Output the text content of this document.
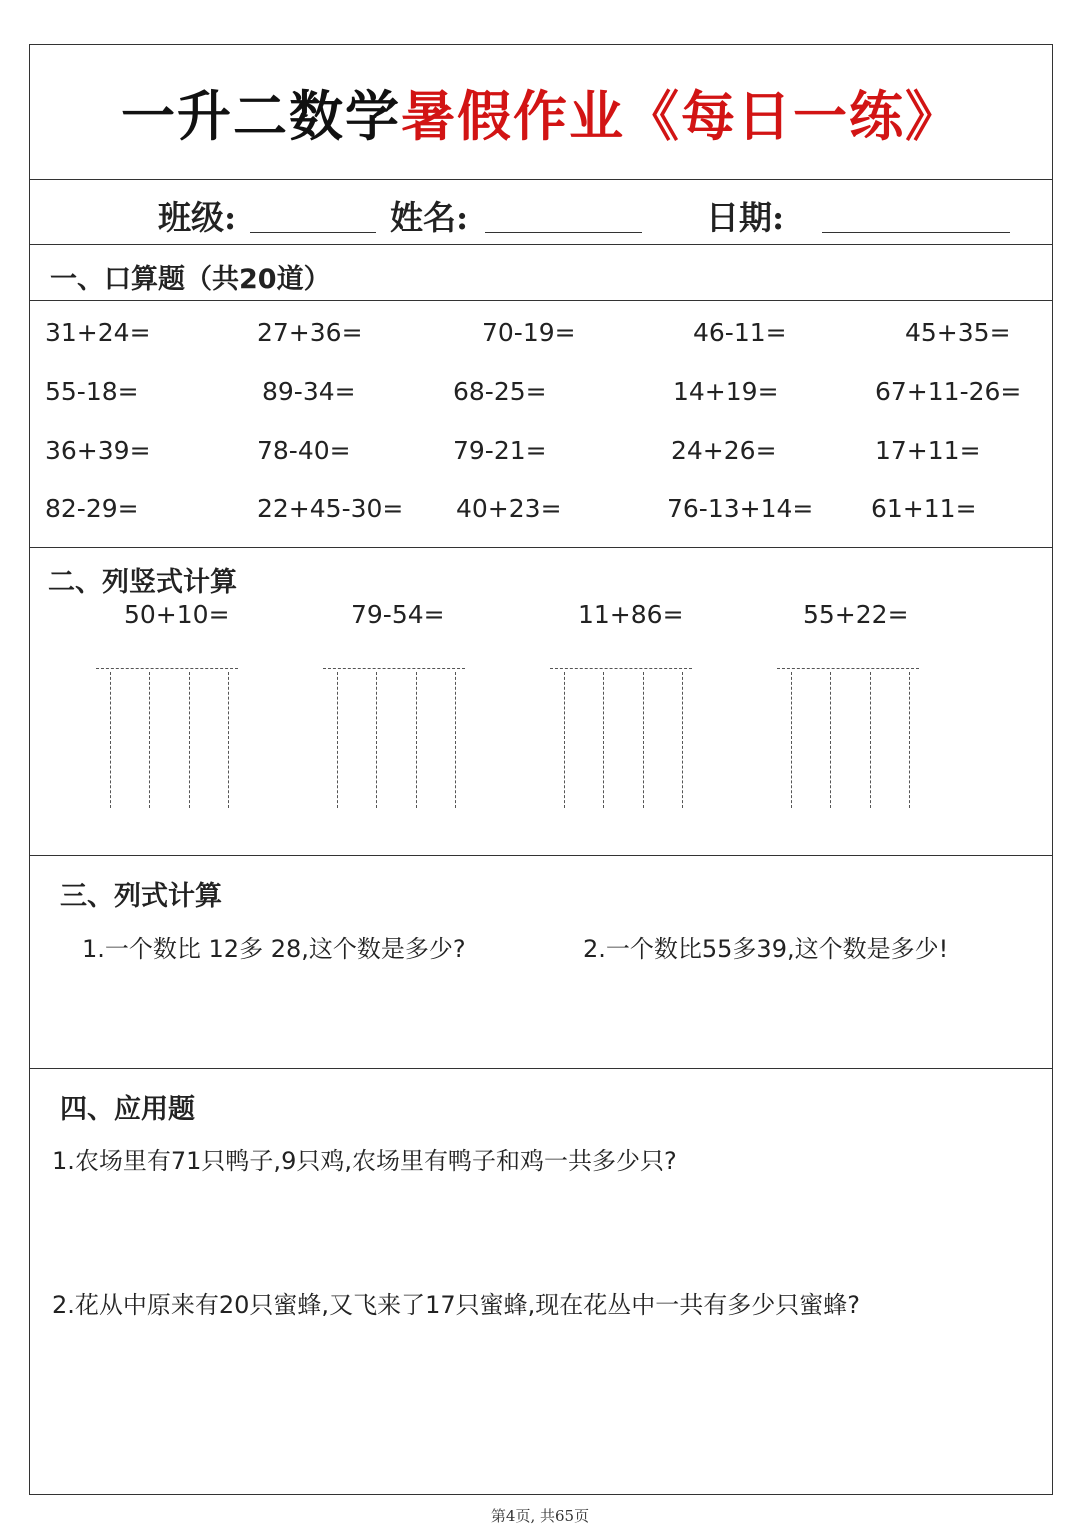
一升二数学暑假作业《每日一练》
班级:	姓名:	日期:
一、口算题（共20道）
31+24=	27+36=	70-19=	46-11=	45+35=
55-18=	89-34=	68-25=	14+19=	67+11-26=
36+39=	78-40=	79-21=	24+26=	17+11=
82-29=	22+45-30= 40+23=	76-13+14= 61+11=
二、列竖式计算
50+10=	79-54=	11+86=	55+22=
三、列式计算
1.一个数比 12多 28,这个数是多少?	2.一个数比55多39,这个数是多少!
四、应用题
1.农场里有71只鸭子,9只鸡,农场里有鸭子和鸡一共多少只?
2.花从中原来有20只蜜蜂,又飞来了17只蜜蜂,现在花丛中一共有多少只蜜蜂?
第4页, 共65页
